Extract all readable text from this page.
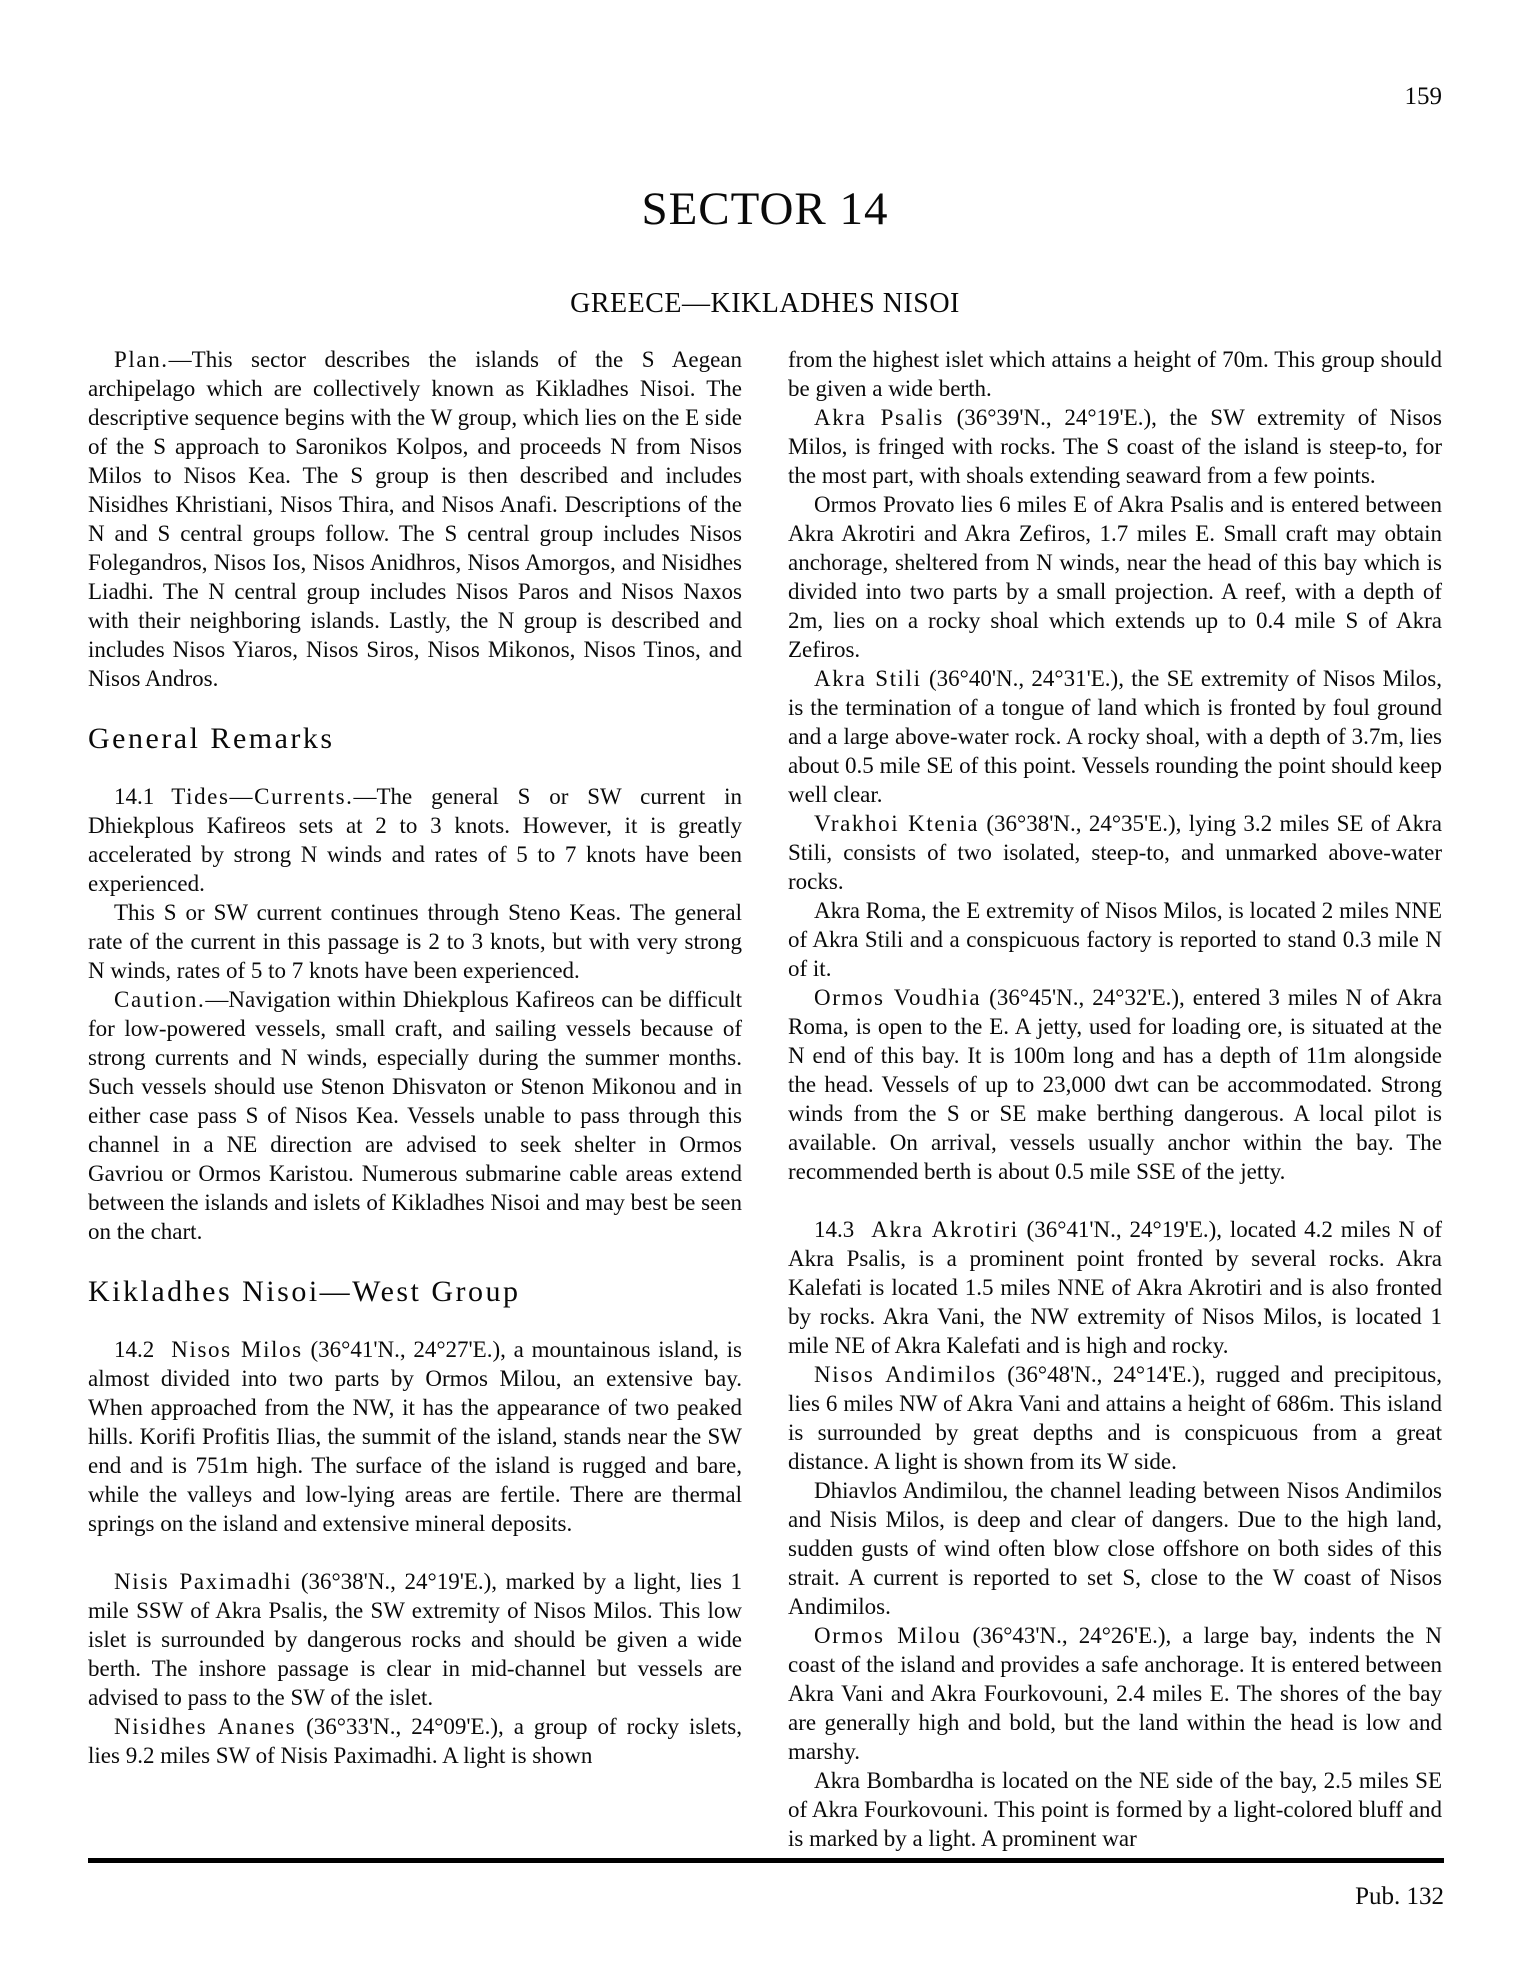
159
SECTOR 14
GREECE—KIKLADHES NISOI

Plan.—This sector describes the islands of the S Aegean archipelago which are collectively known as Kikladhes Nisoi. The descriptive sequence begins with the W group, which lies on the E side of the S approach to Saronikos Kolpos, and proceeds N from Nisos Milos to Nisos Kea. The S group is then described and includes Nisidhes Khristiani, Nisos Thira, and Nisos Anafi. Descriptions of the N and S central groups follow. The S central group includes Nisos Folegandros, Nisos Ios, Nisos Anidhros, Nisos Amorgos, and Nisidhes Liadhi. The N central group includes Nisos Paros and Nisos Naxos with their neighboring islands. Lastly, the N group is described and includes Nisos Yiaros, Nisos Siros, Nisos Mikonos, Nisos Tinos, and Nisos Andros.

General Remarks

14.1 Tides—Currents.—The general S or SW current in Dhiekplous Kafireos sets at 2 to 3 knots. However, it is greatly accelerated by strong N winds and rates of 5 to 7 knots have been experienced.

This S or SW current continues through Steno Keas. The general rate of the current in this passage is 2 to 3 knots, but with very strong N winds, rates of 5 to 7 knots have been experienced.

Caution.—Navigation within Dhiekplous Kafireos can be difficult for low-powered vessels, small craft, and sailing vessels because of strong currents and N winds, especially during the summer months. Such vessels should use Stenon Dhisvaton or Stenon Mikonou and in either case pass S of Nisos Kea. Vessels unable to pass through this channel in a NE direction are advised to seek shelter in Ormos Gavriou or Ormos Karistou. Numerous submarine cable areas extend between the islands and islets of Kikladhes Nisoi and may best be seen on the chart.

Kikladhes Nisoi—West Group

14.2 Nisos Milos (36°41'N., 24°27'E.), a mountainous island, is almost divided into two parts by Ormos Milou, an extensive bay. When approached from the NW, it has the appearance of two peaked hills. Korifi Profitis Ilias, the summit of the island, stands near the SW end and is 751m high. The surface of the island is rugged and bare, while the valleys and low-lying areas are fertile. There are thermal springs on the island and extensive mineral deposits.

Nisis Paximadhi (36°38'N., 24°19'E.), marked by a light, lies 1 mile SSW of Akra Psalis, the SW extremity of Nisos Milos. This low islet is surrounded by dangerous rocks and should be given a wide berth. The inshore passage is clear in mid-channel but vessels are advised to pass to the SW of the islet.

Nisidhes Ananes (36°33'N., 24°09'E.), a group of rocky islets, lies 9.2 miles SW of Nisis Paximadhi. A light is shown

from the highest islet which attains a height of 70m. This group should be given a wide berth.

Akra Psalis (36°39'N., 24°19'E.), the SW extremity of Nisos Milos, is fringed with rocks. The S coast of the island is steep-to, for the most part, with shoals extending seaward from a few points.

Ormos Provato lies 6 miles E of Akra Psalis and is entered between Akra Akrotiri and Akra Zefiros, 1.7 miles E. Small craft may obtain anchorage, sheltered from N winds, near the head of this bay which is divided into two parts by a small projection. A reef, with a depth of 2m, lies on a rocky shoal which extends up to 0.4 mile S of Akra Zefiros.

Akra Stili (36°40'N., 24°31'E.), the SE extremity of Nisos Milos, is the termination of a tongue of land which is fronted by foul ground and a large above-water rock. A rocky shoal, with a depth of 3.7m, lies about 0.5 mile SE of this point. Vessels rounding the point should keep well clear.

Vrakhoi Ktenia (36°38'N., 24°35'E.), lying 3.2 miles SE of Akra Stili, consists of two isolated, steep-to, and unmarked above-water rocks.

Akra Roma, the E extremity of Nisos Milos, is located 2 miles NNE of Akra Stili and a conspicuous factory is reported to stand 0.3 mile N of it.

Ormos Voudhia (36°45'N., 24°32'E.), entered 3 miles N of Akra Roma, is open to the E. A jetty, used for loading ore, is situated at the N end of this bay. It is 100m long and has a depth of 11m alongside the head. Vessels of up to 23,000 dwt can be accommodated. Strong winds from the S or SE make berthing dangerous. A local pilot is available. On arrival, vessels usually anchor within the bay. The recommended berth is about 0.5 mile SSE of the jetty.

14.3 Akra Akrotiri (36°41'N., 24°19'E.), located 4.2 miles N of Akra Psalis, is a prominent point fronted by several rocks. Akra Kalefati is located 1.5 miles NNE of Akra Akrotiri and is also fronted by rocks. Akra Vani, the NW extremity of Nisos Milos, is located 1 mile NE of Akra Kalefati and is high and rocky.

Nisos Andimilos (36°48'N., 24°14'E.), rugged and precipitous, lies 6 miles NW of Akra Vani and attains a height of 686m. This island is surrounded by great depths and is conspicuous from a great distance. A light is shown from its W side.

Dhiavlos Andimilou, the channel leading between Nisos Andimilos and Nisis Milos, is deep and clear of dangers. Due to the high land, sudden gusts of wind often blow close offshore on both sides of this strait. A current is reported to set S, close to the W coast of Nisos Andimilos.

Ormos Milou (36°43'N., 24°26'E.), a large bay, indents the N coast of the island and provides a safe anchorage. It is entered between Akra Vani and Akra Fourkovouni, 2.4 miles E. The shores of the bay are generally high and bold, but the land within the head is low and marshy.

Akra Bombardha is located on the NE side of the bay, 2.5 miles SE of Akra Fourkovouni. This point is formed by a light-colored bluff and is marked by a light. A prominent war

Pub. 132
